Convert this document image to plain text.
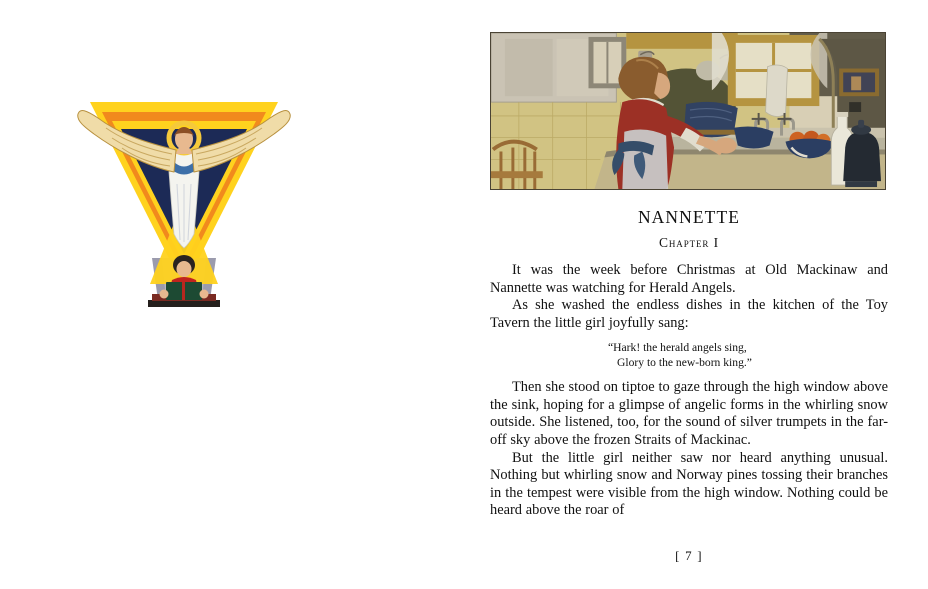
NANNETTE
Chapter I

It was the week before Christmas at Old Mackinaw and Nannette was watching for Herald Angels.

As she washed the endless dishes in the kitchen of the Toy Tavern the little girl joyfully sang:

“Hark! the herald angels sing,
Glory to the new-born king.”

Then she stood on tiptoe to gaze through the high window above the sink, hoping for a glimpse of angelic forms in the whirling snow outside. She listened, too, for the sound of silver trumpets in the far-off sky above the frozen Straits of Mackinac.

But the little girl neither saw nor heard anything unusual. Nothing but whirling snow and Norway pines tossing their branches in the tempest were visible from the high window. Nothing could be heard above the roar of

[ 7 ]
